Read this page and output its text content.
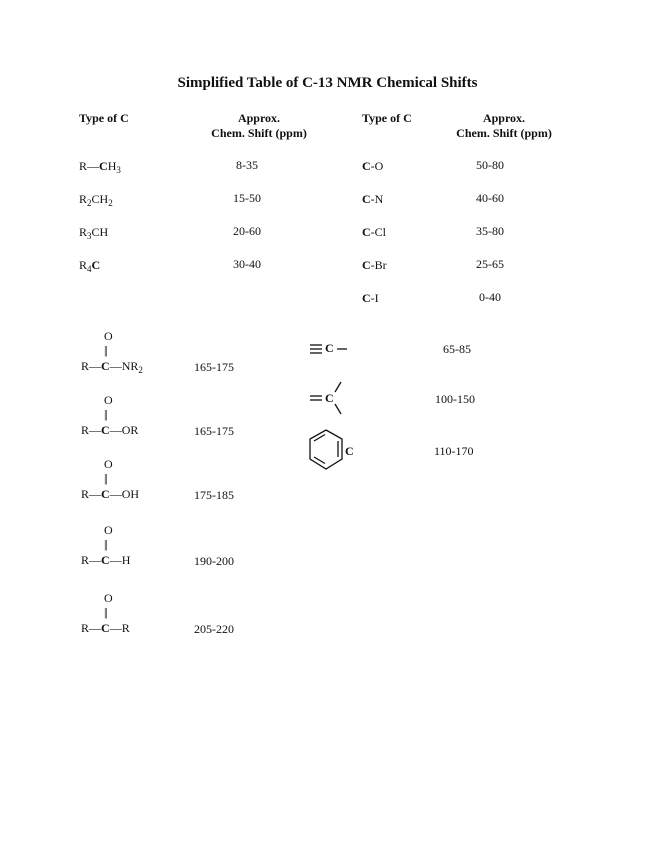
Simplified Table of C-13 NMR Chemical Shifts
Type of C	Approx.
Chem. Shift (ppm)
Type of C	Approx.
Chem. Shift (ppm)
$R—CH_3$	8-35
$R_2CH_2$	15-50
$R_3CH$	20-60
$R_4C$	30-40
C-O	50-80
C-N	40-60
C-Cl	35-80
C-Br	25-65
C-I	0-40
O
||
$R—C—NR_2$	165-175
O
||
R—C—OR	165-175
O
||
R—C—OH	175-185
O
||
R—C—H	190-200
O
||
R—C—R	205-220
C	65-85
C	100-150
C	110-170
